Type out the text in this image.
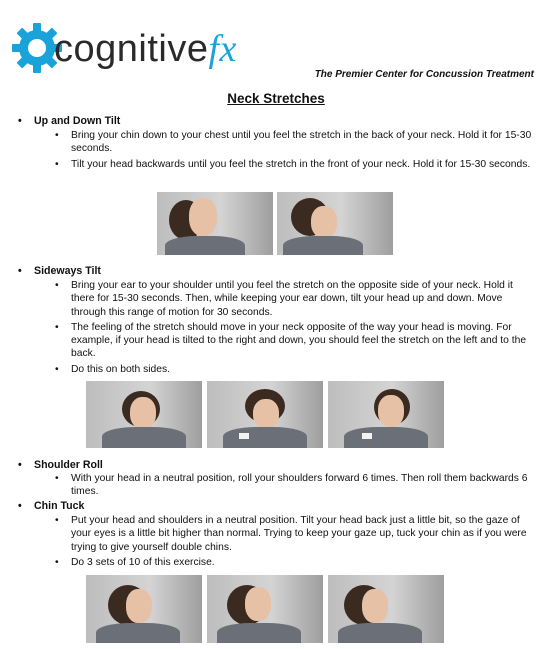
cognitivefx
The Premier Center for Concussion Treatment
Neck Stretches
• Up and Down Tilt
• Bring your chin down to your chest until you feel the stretch in the back of your neck. Hold it for 15-30 seconds.
• Tilt your head backwards until you feel the stretch in the front of your neck. Hold it for 15-30 seconds.
• Sideways Tilt
• Bring your ear to your shoulder until you feel the stretch on the opposite side of your neck. Hold it there for 15-30 seconds. Then, while keeping your ear down, tilt your head up and down. Move through this range of motion for 30 seconds.
• The feeling of the stretch should move in your neck opposite of the way your head is moving. For example, if your head is tilted to the right and down, you should feel the stretch on the left and to the back.
• Do this on both sides.
• Shoulder Roll
• With your head in a neutral position, roll your shoulders forward 6 times. Then roll them backwards 6 times.
• Chin Tuck
• Put your head and shoulders in a neutral position. Tilt your head back just a little bit, so the gaze of your eyes is a little bit higher than normal. Trying to keep your gaze up, tuck your chin as if you were trying to give yourself double chins.
• Do 3 sets of 10 of this exercise.
